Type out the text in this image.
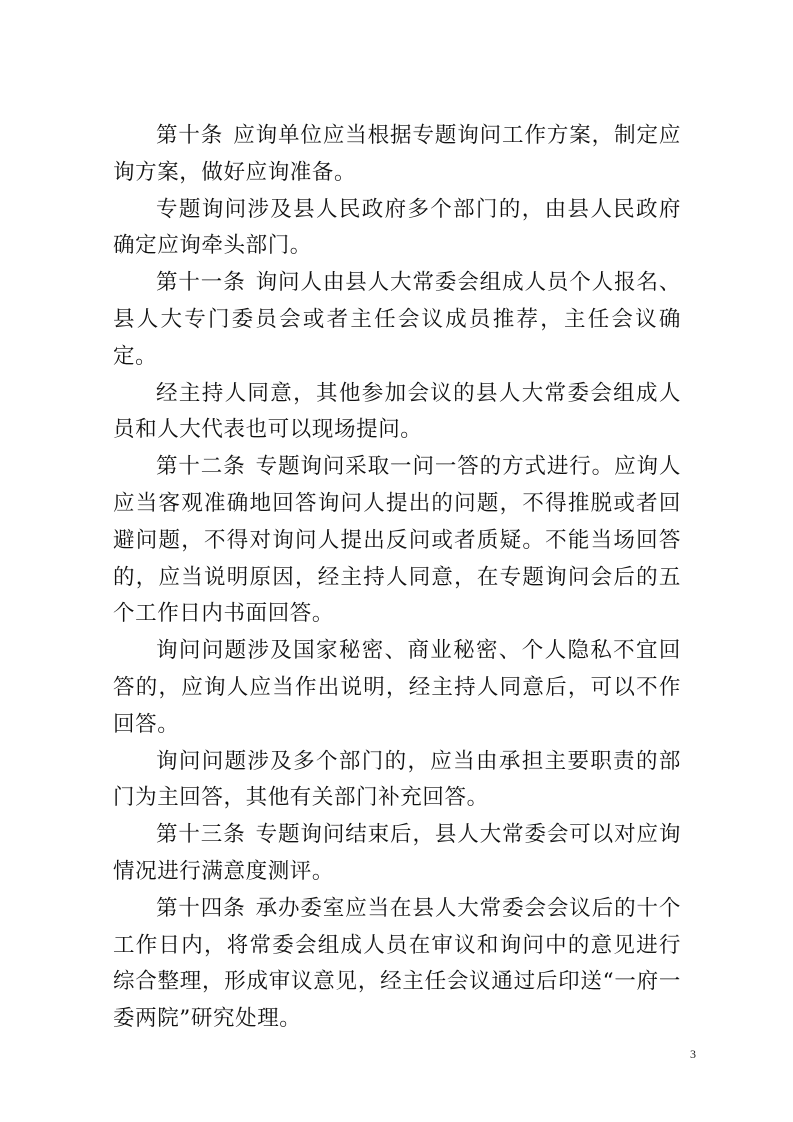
第十条 应询单位应当根据专题询问工作方案，制定应询方案，做好应询准备。

专题询问涉及县人民政府多个部门的，由县人民政府确定应询牵头部门。

第十一条 询问人由县人大常委会组成人员个人报名、县人大专门委员会或者主任会议成员推荐，主任会议确定。

经主持人同意，其他参加会议的县人大常委会组成人员和人大代表也可以现场提问。

第十二条 专题询问采取一问一答的方式进行。应询人应当客观准确地回答询问人提出的问题，不得推脱或者回避问题，不得对询问人提出反问或者质疑。不能当场回答的，应当说明原因，经主持人同意，在专题询问会后的五个工作日内书面回答。

询问问题涉及国家秘密、商业秘密、个人隐私不宜回答的，应询人应当作出说明，经主持人同意后，可以不作回答。

询问问题涉及多个部门的，应当由承担主要职责的部门为主回答，其他有关部门补充回答。

第十三条 专题询问结束后，县人大常委会可以对应询情况进行满意度测评。

第十四条 承办委室应当在县人大常委会会议后的十个工作日内，将常委会组成人员在审议和询问中的意见进行综合整理，形成审议意见，经主任会议通过后印送“一府一委两院”研究处理。

3
